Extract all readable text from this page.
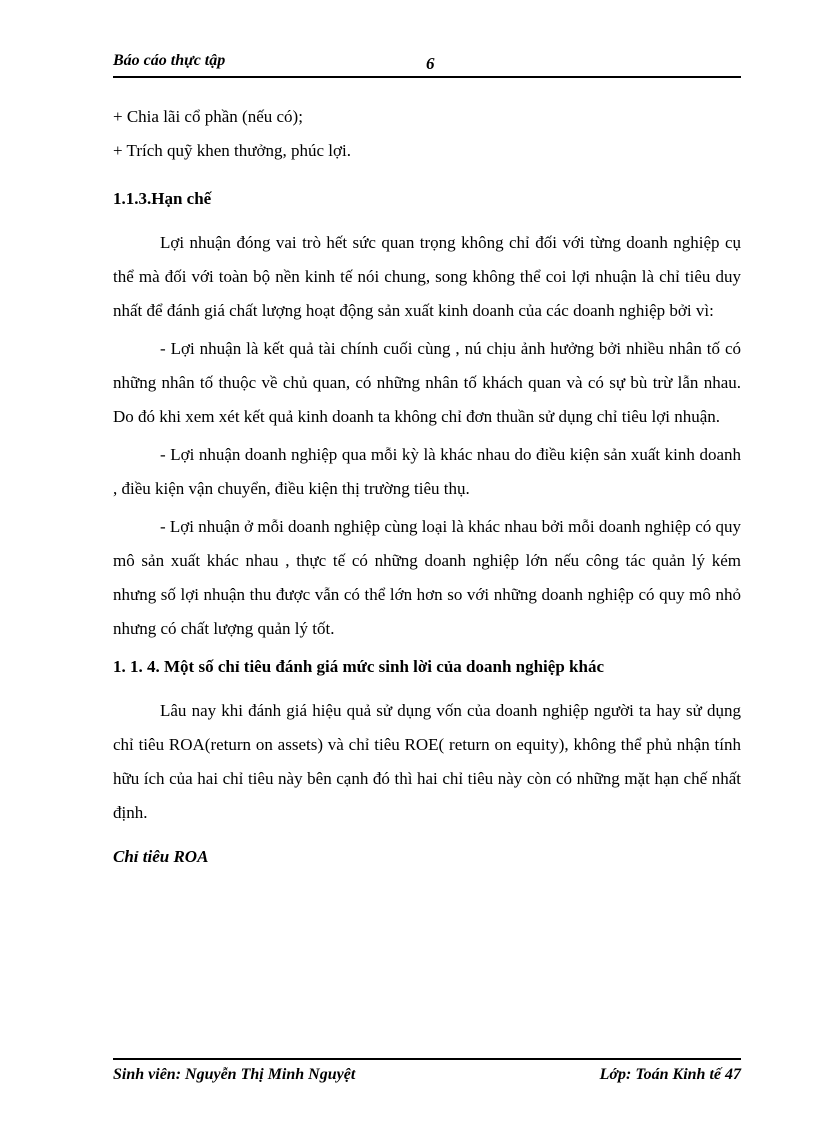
Báo cáo thực tập	6

+ Chia lãi cổ phần (nếu có);

+ Trích quỹ khen thưởng, phúc lợi.

1.1.3.Hạn chế

Lợi nhuận đóng vai trò hết sức quan trọng không chỉ đối với từng doanh nghiệp cụ thể mà đối với toàn bộ nền kinh tế nói chung, song không thể coi lợi nhuận là chỉ tiêu duy nhất để đánh giá chất lượng hoạt động sản xuất kinh doanh của các doanh nghiệp bởi vì:

- Lợi nhuận là kết quả tài chính cuối cùng , nú chịu ảnh hưởng bởi nhiều nhân tố có những nhân tố thuộc về chủ quan, có những nhân tố khách quan và có sự bù trừ lẫn nhau. Do đó khi xem xét kết quả kinh doanh ta không chỉ đơn thuần sử dụng chỉ tiêu lợi nhuận.

- Lợi nhuận doanh nghiệp qua mỗi kỳ là khác nhau do điều kiện sản xuất kinh doanh , điều kiện vận chuyển, điều kiện thị trường tiêu thụ.

- Lợi nhuận ở mỗi doanh nghiệp cùng loại là khác nhau bởi mỗi doanh nghiệp có quy mô sản xuất khác nhau , thực tế có những doanh nghiệp lớn nếu công tác quản lý kém nhưng số lợi nhuận thu được vẫn có thể lớn hơn so với những doanh nghiệp có quy mô nhỏ nhưng có chất lượng quản lý tốt.

1. 1. 4. Một số chỉ tiêu đánh giá mức sinh lời của doanh nghiệp khác

Lâu nay khi đánh giá hiệu quả sử dụng vốn của doanh nghiệp người ta hay sử dụng chỉ tiêu ROA(return on assets) và chỉ tiêu ROE( return on equity), không thể phủ nhận tính hữu ích của hai chỉ tiêu này bên cạnh đó thì hai chỉ tiêu này còn có những mặt hạn chế nhất định.

Chỉ tiêu ROA

Sinh viên: Nguyễn Thị Minh Nguyệt	Lớp: Toán Kinh tế 47
